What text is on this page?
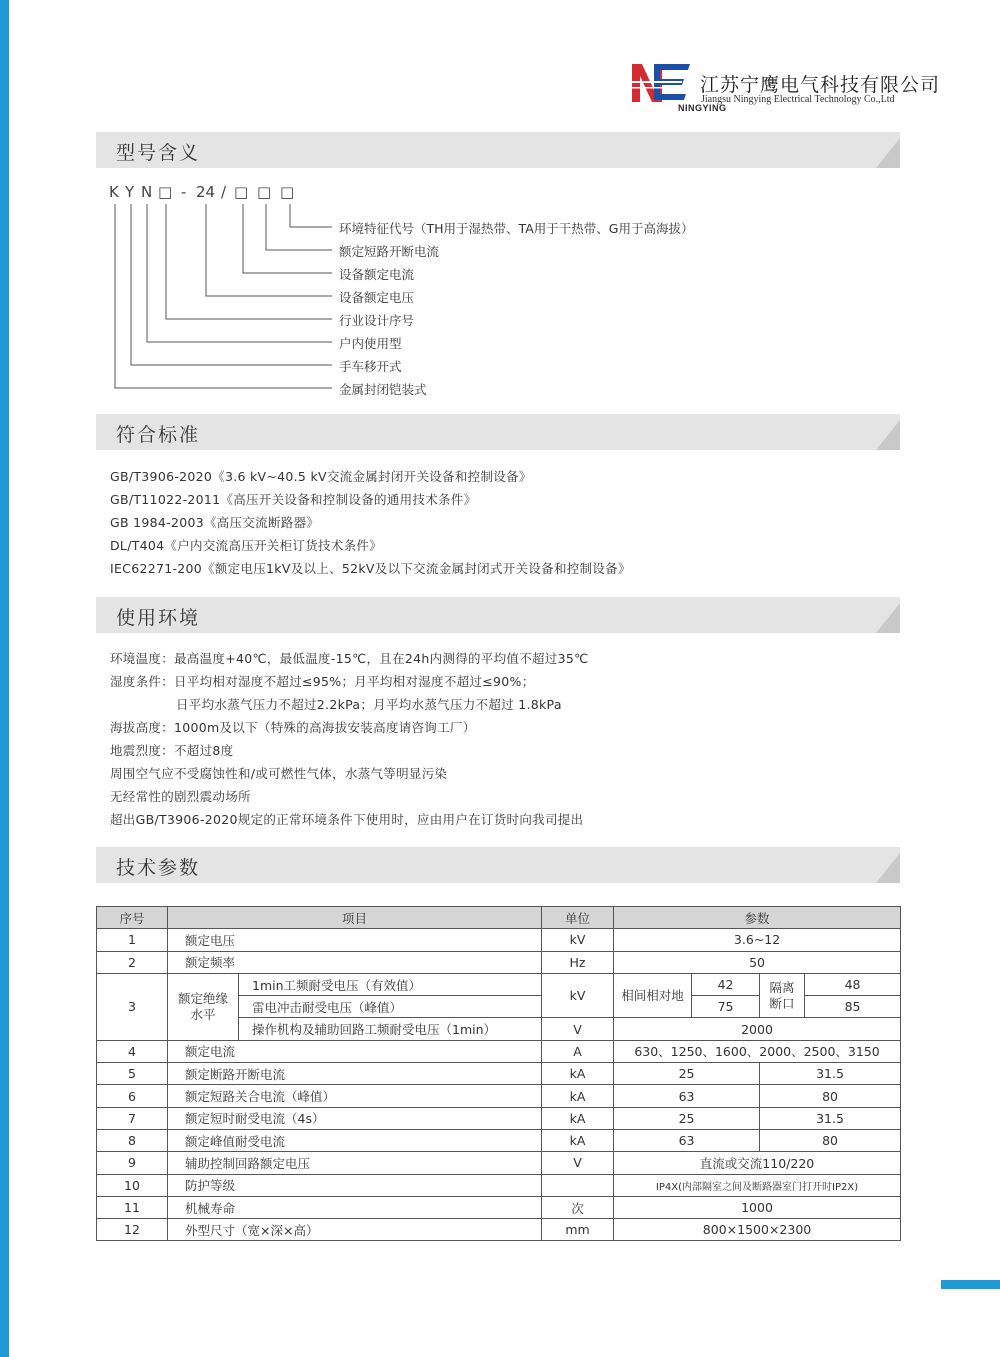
NINGYING
江苏宁鹰电气科技有限公司
Jiangsu Ningying Electrical Technology Co.,Ltd
型号含义
K Y N □ - 24 / □ □ □
环境特征代号（TH用于湿热带、TA用于干热带、G用于高海拔）
额定短路开断电流
设备额定电流
设备额定电压
行业设计序号
户内使用型
手车移开式
金属封闭铠装式
符合标准
GB/T3906-2020《3.6 kV~40.5 kV交流金属封闭开关设备和控制设备》
GB/T11022-2011《高压开关设备和控制设备的通用技术条件》
GB 1984-2003《高压交流断路器》
DL/T404《户内交流高压开关柜订货技术条件》
IEC62271-200《额定电压1kV及以上、52kV及以下交流金属封闭式开关设备和控制设备》
使用环境
环境温度：最高温度+40℃，最低温度-15℃，且在24h内测得的平均值不超过35℃
湿度条件：日平均相对湿度不超过≤95%；月平均相对湿度不超过≤90%；
日平均水蒸气压力不超过2.2kPa；月平均水蒸气压力不超过 1.8kPa
海拔高度：1000m及以下（特殊的高海拔安装高度请咨询工厂）
地震烈度：不超过8度
周围空气应不受腐蚀性和/或可燃性气体，水蒸气等明显污染
无经常性的剧烈震动场所
超出GB/T3906-2020规定的正常环境条件下使用时，应由用户在订货时向我司提出
技术参数
序号	项目		单位	参数			
1	额定电压		kV	3.6~12			
2	额定频率		Hz	50			
3	额定绝缘水平	1min工频耐受电压（有效值）	kV	相间相对地	42	隔离断口	48
		雷电冲击耐受电压（峰值）			75		85
		操作机构及辅助回路工频耐受电压（1min）	V	2000			
4	额定电流		A	630、1250、1600、2000、2500、3150			
5	额定断路开断电流		kA	25		31.5	
6	额定短路关合电流（峰值）		kA	63		80	
7	额定短时耐受电流（4s）		kA	25		31.5	
8	额定峰值耐受电流		kA	63		80	
9	辅助控制回路额定电压		V	直流或交流110/220			
10	防护等级			IP4X(内部隔室之间及断路器室门打开时IP2X)			
11	机械寿命		次	1000			
12	外型尺寸（宽×深×高）		mm	800×1500×2300			
